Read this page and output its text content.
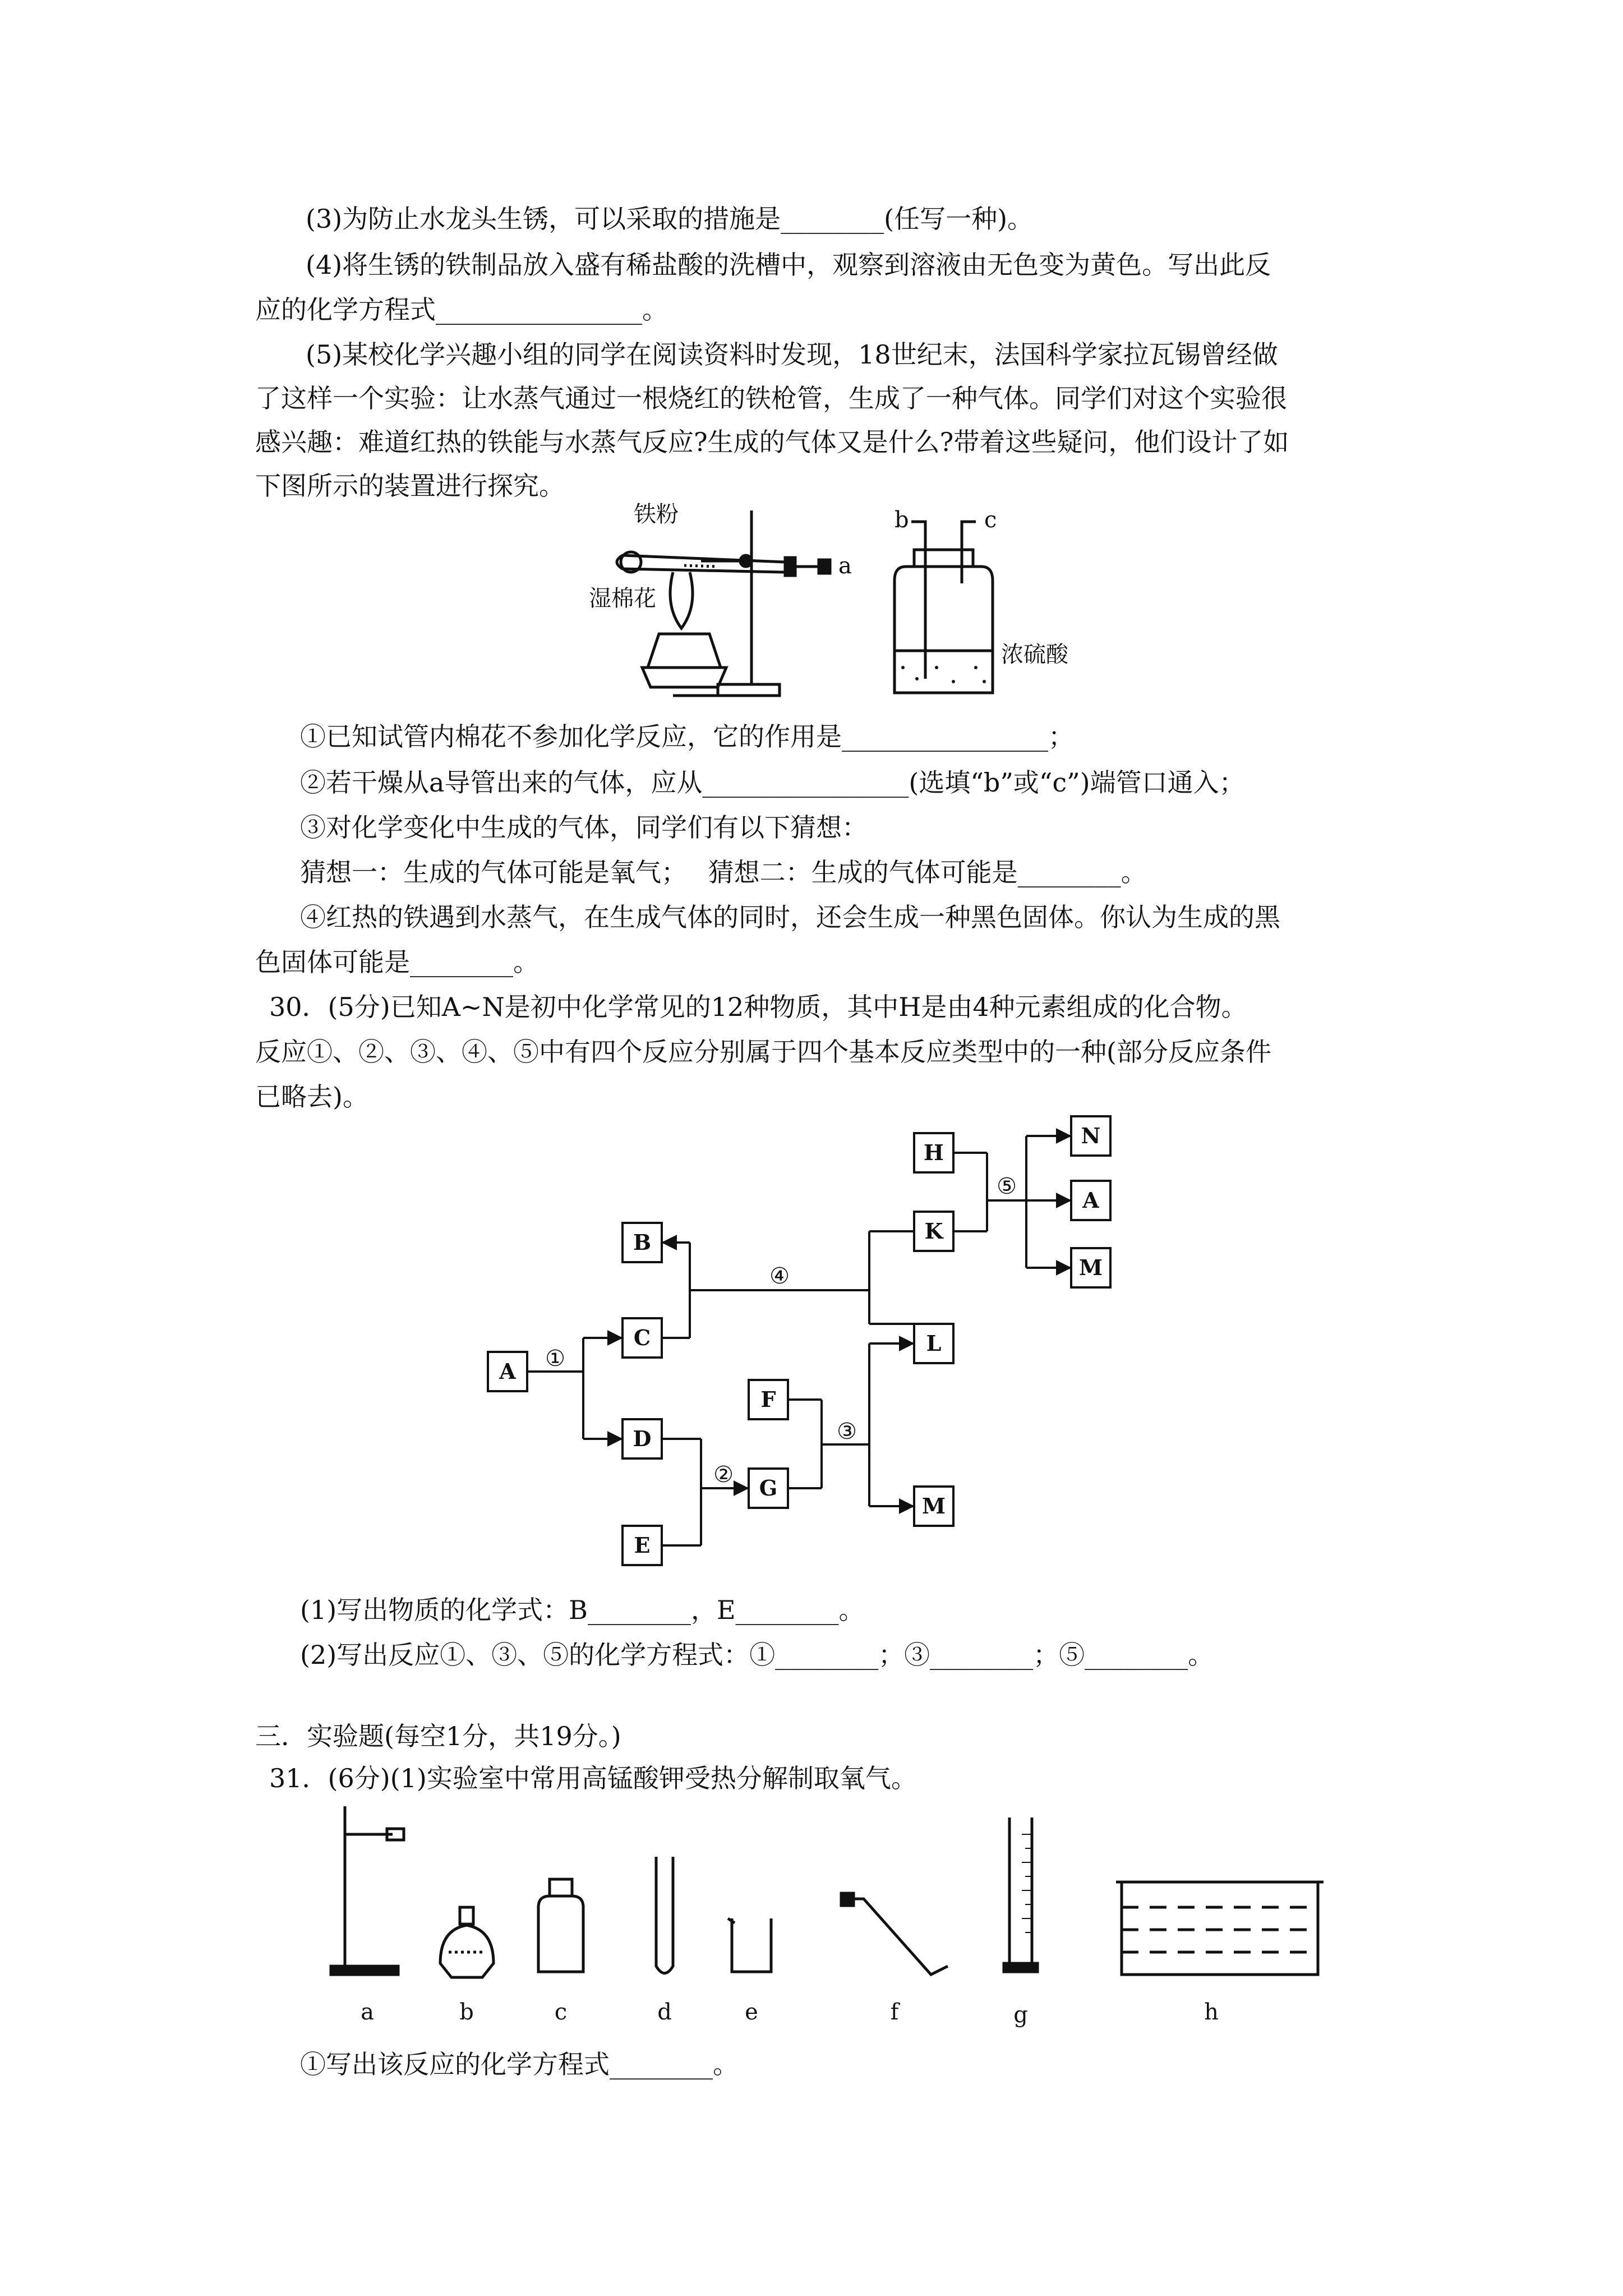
(3)为防止水龙头生锈，可以采取的措施是________(任写一种)。
(4)将生锈的铁制品放入盛有稀盐酸的洗槽中，观察到溶液由无色变为黄色。写出此反
应的化学方程式________________。
(5)某校化学兴趣小组的同学在阅读资料时发现，18世纪末，法国科学家拉瓦锡曾经做
了这样一个实验：让水蒸气通过一根烧红的铁枪管，生成了一种气体。同学们对这个实验很
感兴趣：难道红热的铁能与水蒸气反应?生成的气体又是什么?带着这些疑问，他们设计了如
下图所示的装置进行探究。
铁粉
湿棉花
a
b	c
浓硫酸
①已知试管内棉花不参加化学反应，它的作用是________________；
②若干燥从a导管出来的气体，应从________________(选填“b”或“c”)端管口通入；
③对化学变化中生成的气体，同学们有以下猜想：
猜想一：生成的气体可能是氧气；　 猜想二：生成的气体可能是________。
④红热的铁遇到水蒸气，在生成气体的同时，还会生成一种黑色固体。你认为生成的黑
色固体可能是________。
30．(5分)已知A~N是初中化学常见的12种物质，其中H是由4种元素组成的化合物。
反应①、②、③、④、⑤中有四个反应分别属于四个基本反应类型中的一种(部分反应条件
已略去)。
A
B
C
D
E
F
G
H
K
L
M
N
A
M
①
②
③
④
⑤
(1)写出物质的化学式：B________，E________。
(2)写出反应①、③、⑤的化学方程式：①________；③________；⑤________。
三．实验题(每空1分，共19分。)
31．(6分)(1)实验室中常用高锰酸钾受热分解制取氧气。
a	b	c	d	e	f	g	h
①写出该反应的化学方程式________。
